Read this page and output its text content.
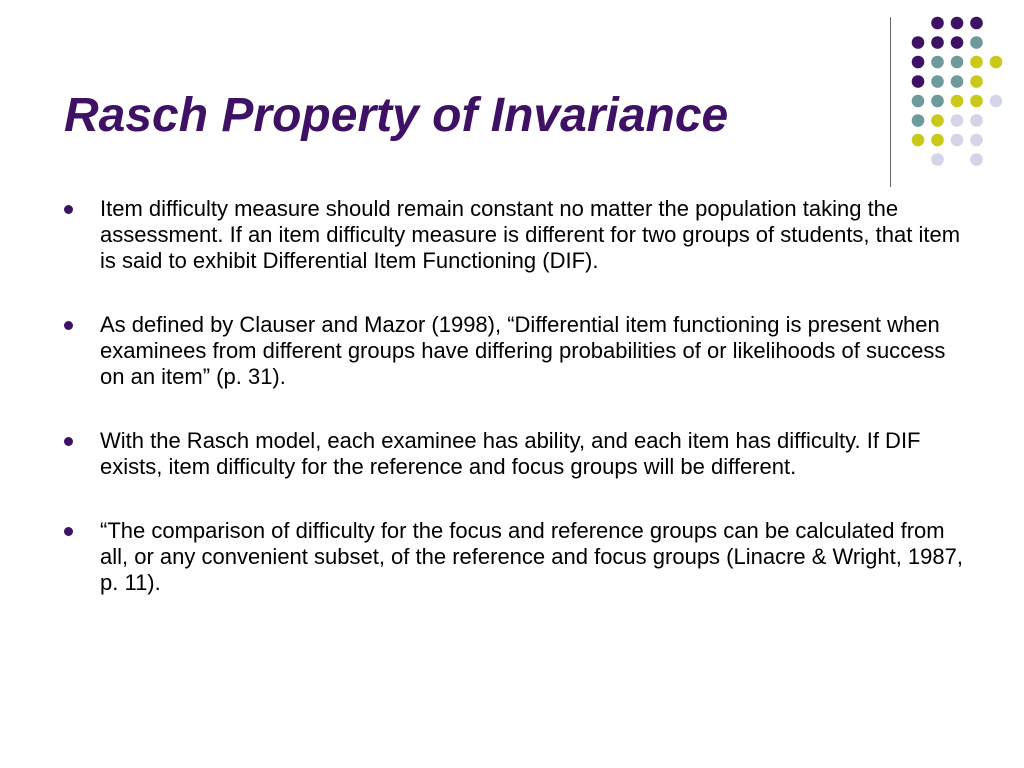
Rasch Property of Invariance
Item difficulty measure should remain constant no matter the population taking the assessment. If an item difficulty measure is different for two groups of students, that item is said to exhibit Differential Item Functioning (DIF).
As defined by Clauser and Mazor (1998), “Differential item functioning is present when examinees from different groups have differing probabilities of or likelihoods of success on an item” (p. 31).
With the Rasch model, each examinee has ability, and each item has difficulty. If DIF exists, item difficulty for the reference and focus groups will be different.
“The comparison of difficulty for the focus and reference groups can be calculated from all, or any convenient subset, of the reference and focus groups (Linacre & Wright, 1987, p. 11).
